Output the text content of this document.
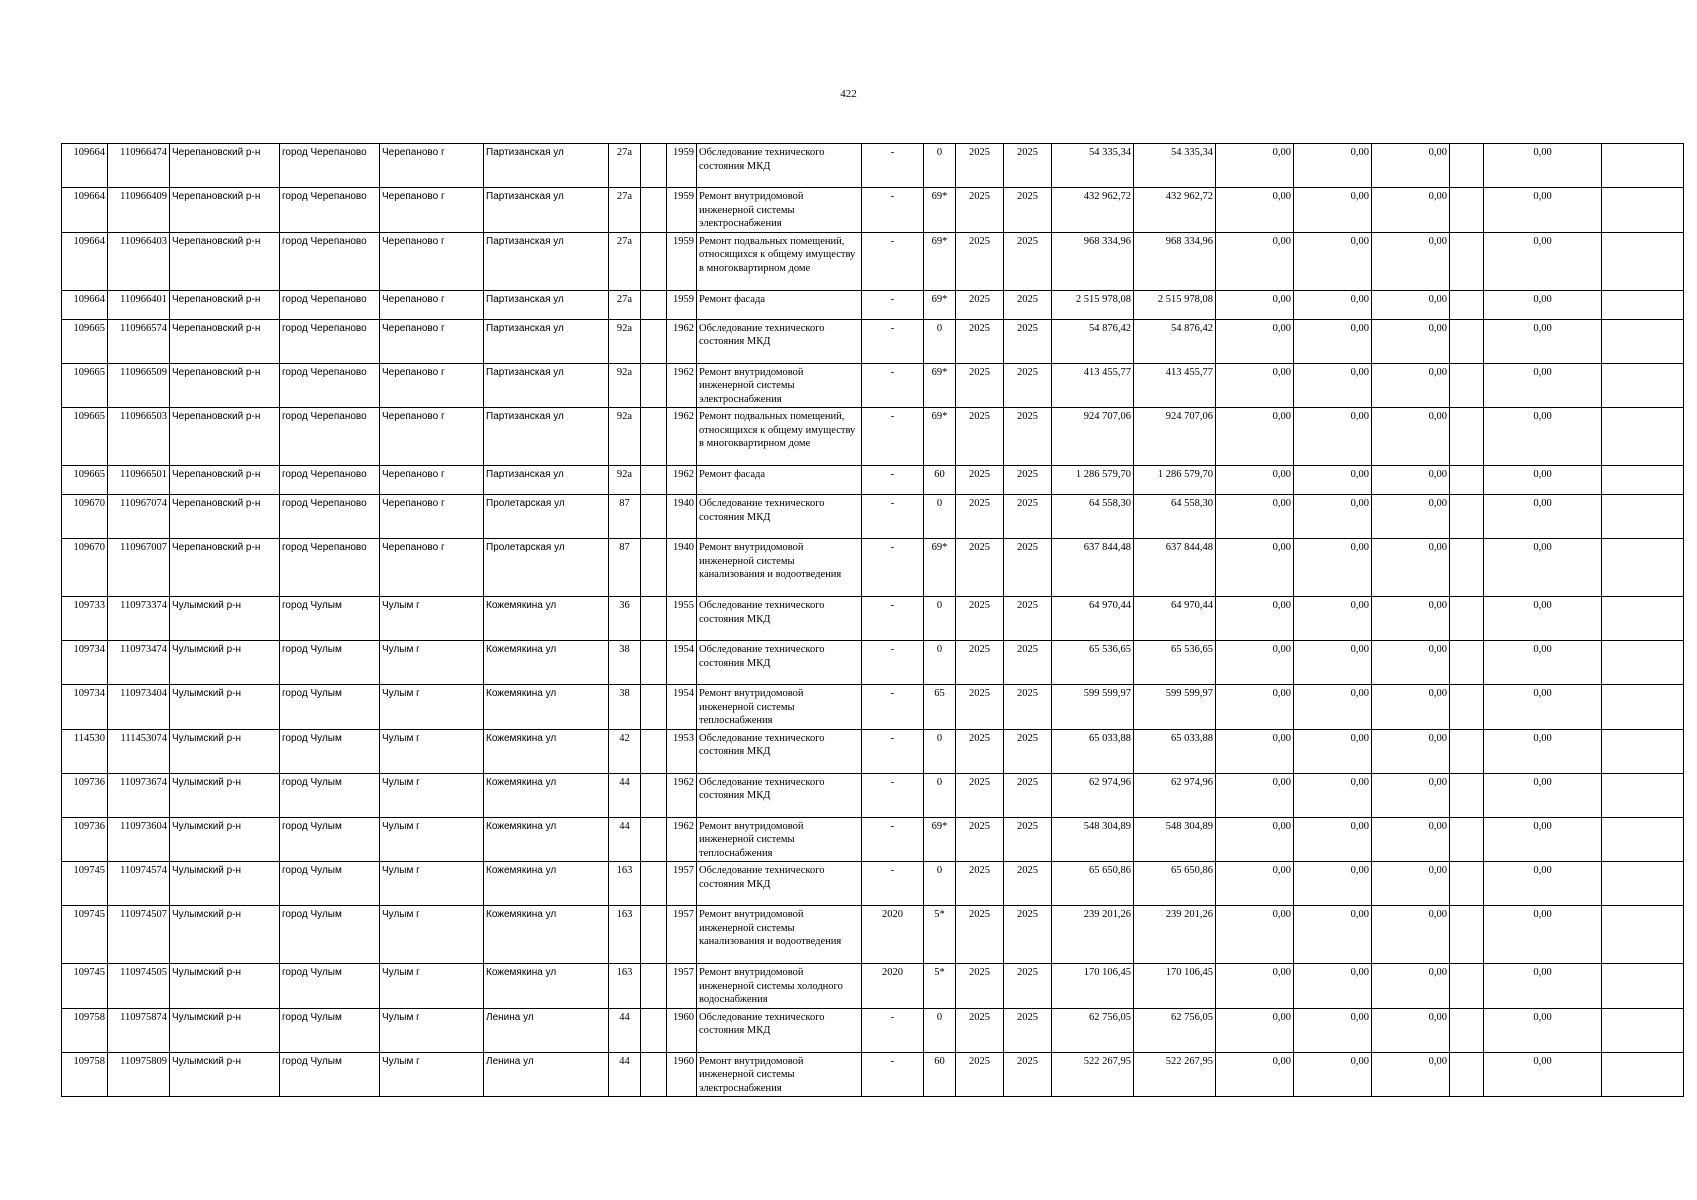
422
109664	110966474	Черепановский р-н	город Черепаново	Черепаново г	Партизанская ул	27а		1959	Обследование технического состояния МКД	-	0	2025	2025	54 335,34	54 335,34	0,00	0,00	0,00		0,00	
109664	110966409	Черепановский р-н	город Черепаново	Черепаново г	Партизанская ул	27а		1959	Ремонт внутридомовой инженерной системы электроснабжения	-	69*	2025	2025	432 962,72	432 962,72	0,00	0,00	0,00		0,00	
109664	110966403	Черепановский р-н	город Черепаново	Черепаново г	Партизанская ул	27а		1959	Ремонт подвальных помещений, относящихся к общему имуществу в многоквартирном доме	-	69*	2025	2025	968 334,96	968 334,96	0,00	0,00	0,00		0,00	
109664	110966401	Черепановский р-н	город Черепаново	Черепаново г	Партизанская ул	27а		1959	Ремонт фасада	-	69*	2025	2025	2 515 978,08	2 515 978,08	0,00	0,00	0,00		0,00	
109665	110966574	Черепановский р-н	город Черепаново	Черепаново г	Партизанская ул	92а		1962	Обследование технического состояния МКД	-	0	2025	2025	54 876,42	54 876,42	0,00	0,00	0,00		0,00	
109665	110966509	Черепановский р-н	город Черепаново	Черепаново г	Партизанская ул	92а		1962	Ремонт внутридомовой инженерной системы электроснабжения	-	69*	2025	2025	413 455,77	413 455,77	0,00	0,00	0,00		0,00	
109665	110966503	Черепановский р-н	город Черепаново	Черепаново г	Партизанская ул	92а		1962	Ремонт подвальных помещений, относящихся к общему имуществу в многоквартирном доме	-	69*	2025	2025	924 707,06	924 707,06	0,00	0,00	0,00		0,00	
109665	110966501	Черепановский р-н	город Черепаново	Черепаново г	Партизанская ул	92а		1962	Ремонт фасада	-	60	2025	2025	1 286 579,70	1 286 579,70	0,00	0,00	0,00		0,00	
109670	110967074	Черепановский р-н	город Черепаново	Черепаново г	Пролетарская ул	87		1940	Обследование технического состояния МКД	-	0	2025	2025	64 558,30	64 558,30	0,00	0,00	0,00		0,00	
109670	110967007	Черепановский р-н	город Черепаново	Черепаново г	Пролетарская ул	87		1940	Ремонт внутридомовой инженерной системы канализования и водоотведения	-	69*	2025	2025	637 844,48	637 844,48	0,00	0,00	0,00		0,00	
109733	110973374	Чулымский р-н	город Чулым	Чулым г	Кожемякина ул	36		1955	Обследование технического состояния МКД	-	0	2025	2025	64 970,44	64 970,44	0,00	0,00	0,00		0,00	
109734	110973474	Чулымский р-н	город Чулым	Чулым г	Кожемякина ул	38		1954	Обследование технического состояния МКД	-	0	2025	2025	65 536,65	65 536,65	0,00	0,00	0,00		0,00	
109734	110973404	Чулымский р-н	город Чулым	Чулым г	Кожемякина ул	38		1954	Ремонт внутридомовой инженерной системы теплоснабжения	-	65	2025	2025	599 599,97	599 599,97	0,00	0,00	0,00		0,00	
114530	111453074	Чулымский р-н	город Чулым	Чулым г	Кожемякина ул	42		1953	Обследование технического состояния МКД	-	0	2025	2025	65 033,88	65 033,88	0,00	0,00	0,00		0,00	
109736	110973674	Чулымский р-н	город Чулым	Чулым г	Кожемякина ул	44		1962	Обследование технического состояния МКД	-	0	2025	2025	62 974,96	62 974,96	0,00	0,00	0,00		0,00	
109736	110973604	Чулымский р-н	город Чулым	Чулым г	Кожемякина ул	44		1962	Ремонт внутридомовой инженерной системы теплоснабжения	-	69*	2025	2025	548 304,89	548 304,89	0,00	0,00	0,00		0,00	
109745	110974574	Чулымский р-н	город Чулым	Чулым г	Кожемякина ул	163		1957	Обследование технического состояния МКД	-	0	2025	2025	65 650,86	65 650,86	0,00	0,00	0,00		0,00	
109745	110974507	Чулымский р-н	город Чулым	Чулым г	Кожемякина ул	163		1957	Ремонт внутридомовой инженерной системы канализования и водоотведения	2020	5*	2025	2025	239 201,26	239 201,26	0,00	0,00	0,00		0,00	
109745	110974505	Чулымский р-н	город Чулым	Чулым г	Кожемякина ул	163		1957	Ремонт внутридомовой инженерной системы холодного водоснабжения	2020	5*	2025	2025	170 106,45	170 106,45	0,00	0,00	0,00		0,00	
109758	110975874	Чулымский р-н	город Чулым	Чулым г	Ленина ул	44		1960	Обследование технического состояния МКД	-	0	2025	2025	62 756,05	62 756,05	0,00	0,00	0,00		0,00	
109758	110975809	Чулымский р-н	город Чулым	Чулым г	Ленина ул	44		1960	Ремонт внутридомовой инженерной системы электроснабжения	-	60	2025	2025	522 267,95	522 267,95	0,00	0,00	0,00		0,00	
